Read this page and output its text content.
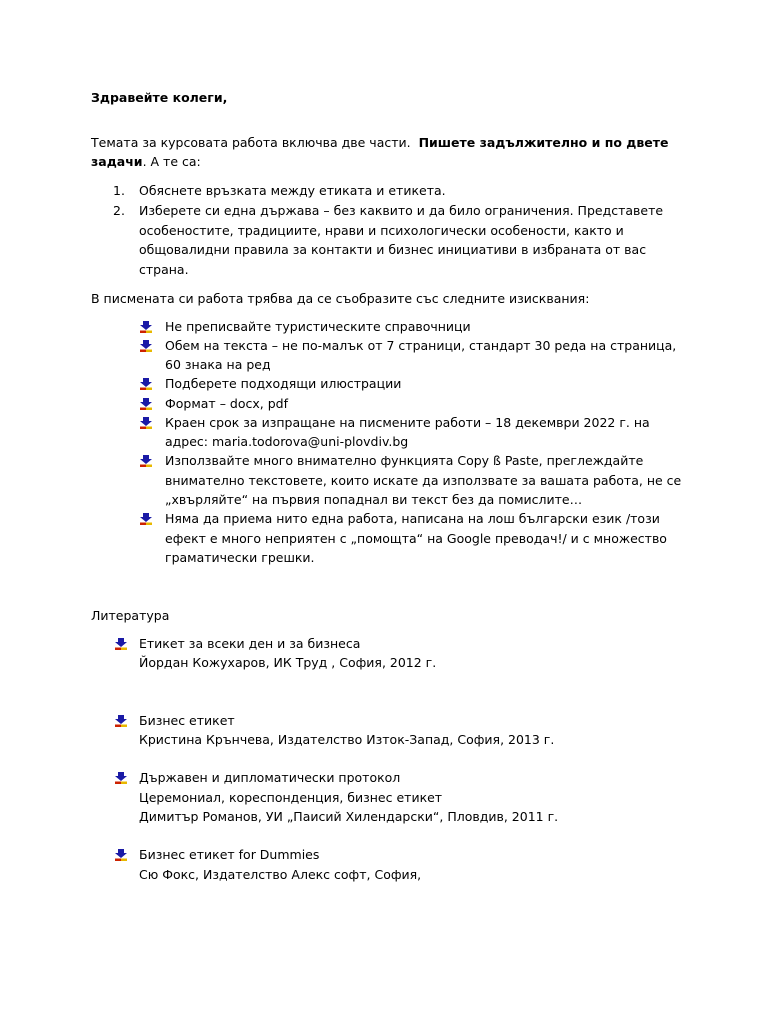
Здравейте колеги,
Темата за курсовата работа включва две части. Пишете задължително и по двете
задачи. А те са:
1.	Обяснете връзката между етиката и етикета.
2.	Изберете си една държава – без каквито и да било ограничения. Представете
особеностите, традициите, нрави и психологически особености, както и
общовалидни правила за контакти и бизнес инициативи в избраната от вас
страна.
В писмената си работа трябва да се съобразите със следните изисквания:
Не преписвайте туристическите справочници
Обем на текста – не по-малък от 7 страници, стандарт 30 реда на страница,
60 знака на ред
Подберете подходящи илюстрации
Формат – docx, pdf
Краен срок за изпращане на писмените работи – 18 декември 2022 г. на
адрес: maria.todorova@uni-plovdiv.bg
Използвайте много внимателно функцията Copy ß Paste, преглеждайте
внимателно текстовете, които искате да използвате за вашата работа, не се
„хвърляйте“ на първия попаднал ви текст без да помислите…
Няма да приема нито една работа, написана на лош български език /този
ефект е много неприятен с „помощта“ на Google преводач!/ и с множество
граматически грешки.
Литература
Етикет за всеки ден и за бизнеса
Йордан Кожухаров, ИК Труд , София, 2012 г.
Бизнес етикет
Кристина Крънчева, Издателство Изток-Запад, София, 2013 г.
Държавен и дипломатически протокол
Церемониал, кореспонденция, бизнес етикет
Димитър Романов, УИ „Паисий Хилендарски“, Пловдив, 2011 г.
Бизнес етикет for Dummies
Сю Фокс, Издателство Алекс софт, София,
